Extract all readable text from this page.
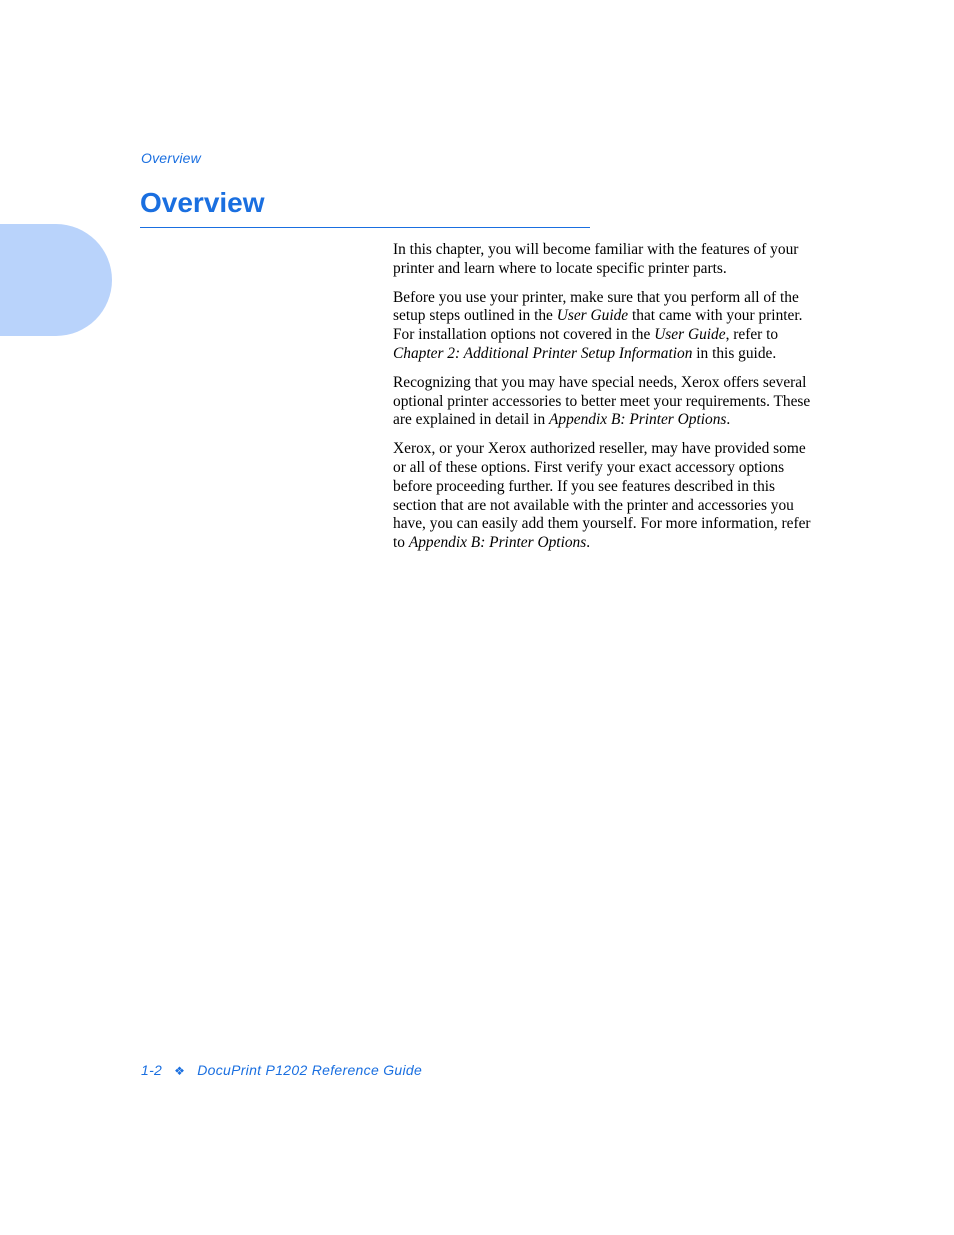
Overview
Overview

In this chapter, you will become familiar with the features of your printer and learn where to locate specific printer parts.

Before you use your printer, make sure that you perform all of the setup steps outlined in the User Guide that came with your printer. For installation options not covered in the User Guide, refer to Chapter 2: Additional Printer Setup Information in this guide.

Recognizing that you may have special needs, Xerox offers several optional printer accessories to better meet your requirements. These are explained in detail in Appendix B: Printer Options.

Xerox, or your Xerox authorized reseller, may have provided some or all of these options. First verify your exact accessory options before proceeding further. If you see features described in this section that are not available with the printer and accessories you have, you can easily add them yourself. For more information, refer to Appendix B: Printer Options.

1-2 ❖ DocuPrint P1202 Reference Guide
